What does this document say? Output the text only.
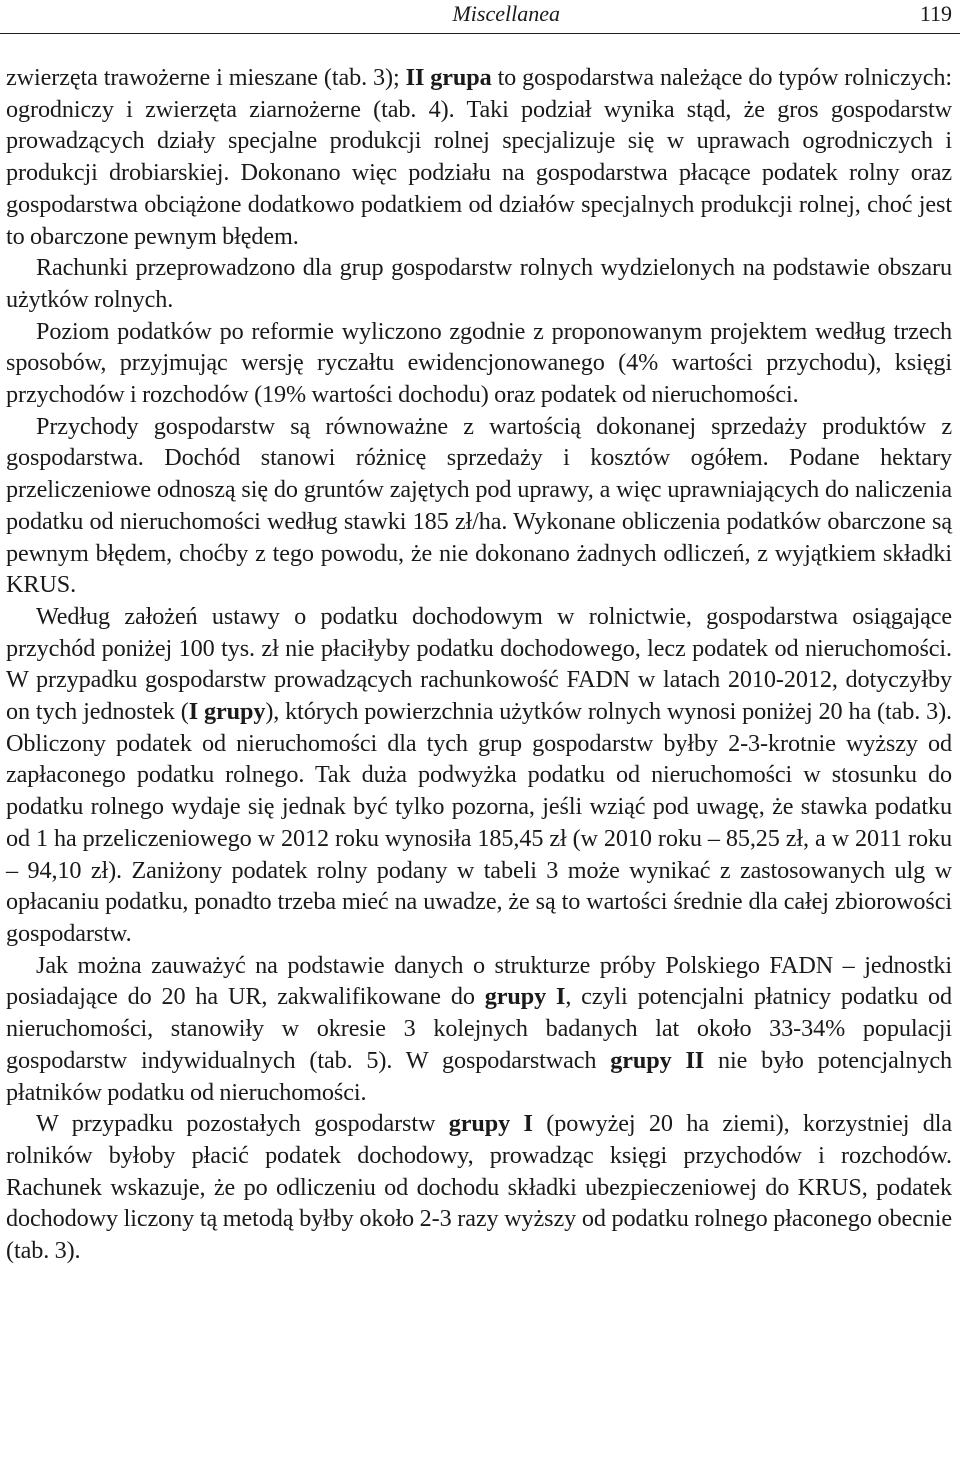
Miscellanea	119

zwierzęta trawożerne i mieszane (tab. 3); II grupa to gospodarstwa należące do typów rolniczych: ogrodniczy i zwierzęta ziarnożerne (tab. 4). Taki podział wynika stąd, że gros gospodarstw prowadzących działy specjalne produkcji rolnej specjalizuje się w uprawach ogrodniczych i produkcji drobiarskiej. Dokonano więc podziału na gospodarstwa płacące podatek rolny oraz gospodarstwa obciążone dodatkowo podatkiem od działów specjalnych produkcji rolnej, choć jest to obarczone pewnym błędem.

Rachunki przeprowadzono dla grup gospodarstw rolnych wydzielonych na podstawie obszaru użytków rolnych.

Poziom podatków po reformie wyliczono zgodnie z proponowanym projektem według trzech sposobów, przyjmując wersję ryczałtu ewidencjonowanego (4% wartości przychodu), księgi przychodów i rozchodów (19% wartości dochodu) oraz podatek od nieruchomości.

Przychody gospodarstw są równoważne z wartością dokonanej sprzedaży produktów z gospodarstwa. Dochód stanowi różnicę sprzedaży i kosztów ogółem. Podane hektary przeliczeniowe odnoszą się do gruntów zajętych pod uprawy, a więc uprawniających do naliczenia podatku od nieruchomości według stawki 185 zł/ha. Wykonane obliczenia podatków obarczone są pewnym błędem, choćby z tego powodu, że nie dokonano żadnych odliczeń, z wyjątkiem składki KRUS.

Według założeń ustawy o podatku dochodowym w rolnictwie, gospodarstwa osiągające przychód poniżej 100 tys. zł nie płaciłyby podatku dochodowego, lecz podatek od nieruchomości. W przypadku gospodarstw prowadzących rachunkowość FADN w latach 2010-2012, dotyczyłby on tych jednostek (I grupy), których powierzchnia użytków rolnych wynosi poniżej 20 ha (tab. 3). Obliczony podatek od nieruchomości dla tych grup gospodarstw byłby 2-3-krotnie wyższy od zapłaconego podatku rolnego. Tak duża podwyżka podatku od nieruchomości w stosunku do podatku rolnego wydaje się jednak być tylko pozorna, jeśli wziąć pod uwagę, że stawka podatku od 1 ha przeliczeniowego w 2012 roku wynosiła 185,45 zł (w 2010 roku – 85,25 zł, a w 2011 roku – 94,10 zł). Zaniżony podatek rolny podany w tabeli 3 może wynikać z zastosowanych ulg w opłacaniu podatku, ponadto trzeba mieć na uwadze, że są to wartości średnie dla całej zbiorowości gospodarstw.

Jak można zauważyć na podstawie danych o strukturze próby Polskiego FADN – jednostki posiadające do 20 ha UR, zakwalifikowane do grupy I, czyli potencjalni płatnicy podatku od nieruchomości, stanowiły w okresie 3 kolejnych badanych lat około 33-34% populacji gospodarstw indywidualnych (tab. 5). W gospodarstwach grupy II nie było potencjalnych płatników podatku od nieruchomości.

W przypadku pozostałych gospodarstw grupy I (powyżej 20 ha ziemi), korzystniej dla rolników byłoby płacić podatek dochodowy, prowadząc księgi przychodów i rozchodów. Rachunek wskazuje, że po odliczeniu od dochodu składki ubezpieczeniowej do KRUS, podatek dochodowy liczony tą metodą byłby około 2-3 razy wyższy od podatku rolnego płaconego obecnie (tab. 3).
